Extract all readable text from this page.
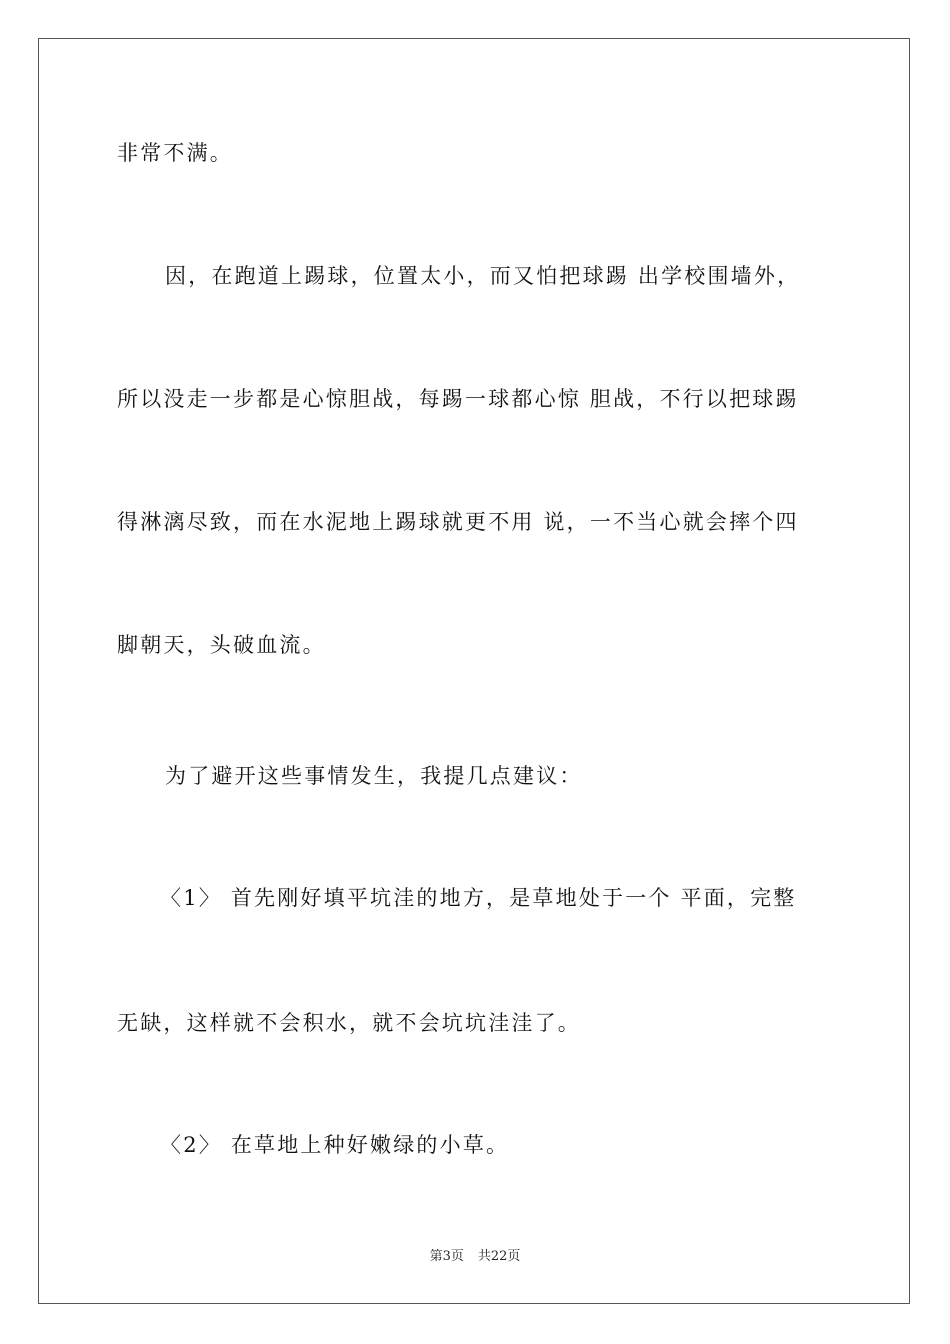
非常不满。
因，在跑道上踢球，位置太小，而又怕把球踢 出学校围墙外，
所以没走一步都是心惊胆战，每踢一球都心惊 胆战，不行以把球踢
得淋漓尽致，而在水泥地上踢球就更不用 说，一不当心就会摔个四
脚朝天，头破血流。
为了避开这些事情发生，我提几点建议：
〈1〉 首先刚好填平坑洼的地方，是草地处于一个 平面，完整
无缺，这样就不会积水，就不会坑坑洼洼了。
〈2〉 在草地上种好嫩绿的小草。
第3页 共22页
